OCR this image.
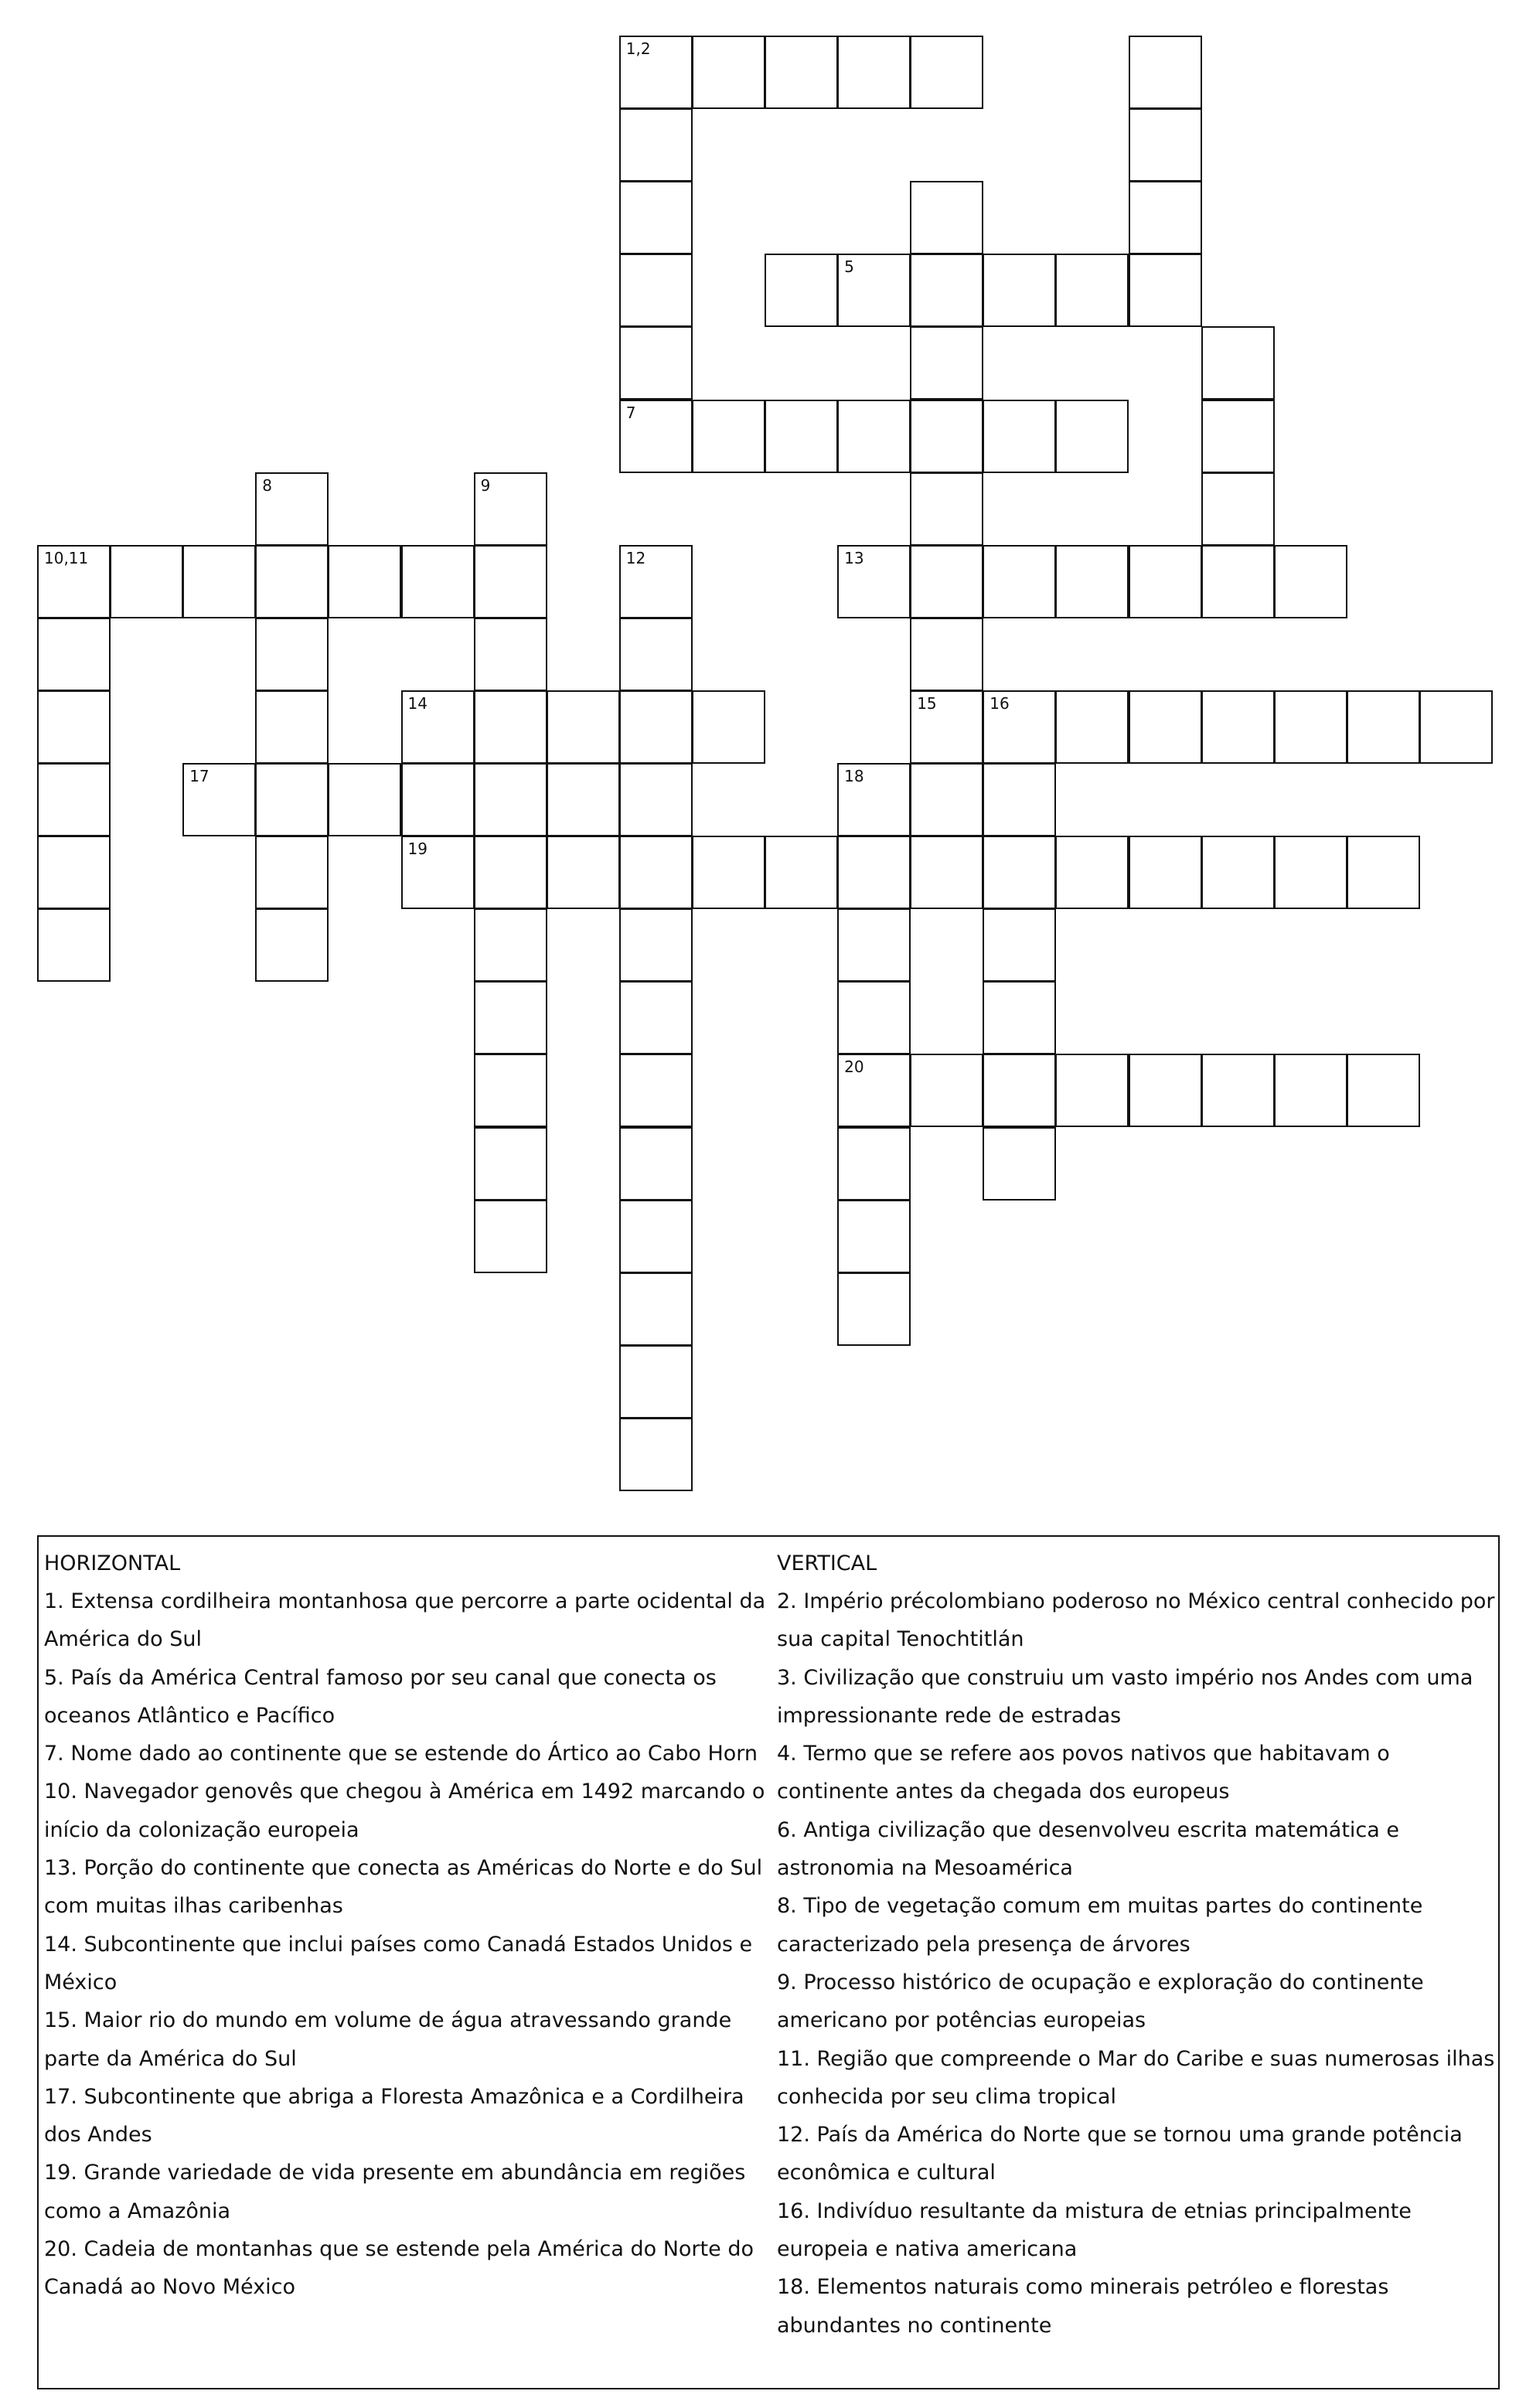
1,2
5
7
8	9
10,11	12	13
14	15	16
17	18
19
20
HORIZONTAL
1. Extensa cordilheira montanhosa que percorre a parte ocidental da América do Sul
5. País da América Central famoso por seu canal que conecta os oceanos Atlântico e Pacífico
7. Nome dado ao continente que se estende do Ártico ao Cabo Horn
10. Navegador genovês que chegou à América em 1492 marcando o início da colonização europeia
13. Porção do continente que conecta as Américas do Norte e do Sul com muitas ilhas caribenhas
14. Subcontinente que inclui países como Canadá Estados Unidos e México
15. Maior rio do mundo em volume de água atravessando grande parte da América do Sul
17. Subcontinente que abriga a Floresta Amazônica e a Cordilheira dos Andes
19. Grande variedade de vida presente em abundância em regiões como a Amazônia
20. Cadeia de montanhas que se estende pela América do Norte do Canadá ao Novo México
VERTICAL
2. Império précolombiano poderoso no México central conhecido por sua capital Tenochtitlán
3. Civilização que construiu um vasto império nos Andes com uma impressionante rede de estradas
4. Termo que se refere aos povos nativos que habitavam o continente antes da chegada dos europeus
6. Antiga civilização que desenvolveu escrita matemática e astronomia na Mesoamérica
8. Tipo de vegetação comum em muitas partes do continente caracterizado pela presença de árvores
9. Processo histórico de ocupação e exploração do continente americano por potências europeias
11. Região que compreende o Mar do Caribe e suas numerosas ilhas conhecida por seu clima tropical
12. País da América do Norte que se tornou uma grande potência econômica e cultural
16. Indivíduo resultante da mistura de etnias principalmente europeia e nativa americana
18. Elementos naturais como minerais petróleo e florestas abundantes no continente
